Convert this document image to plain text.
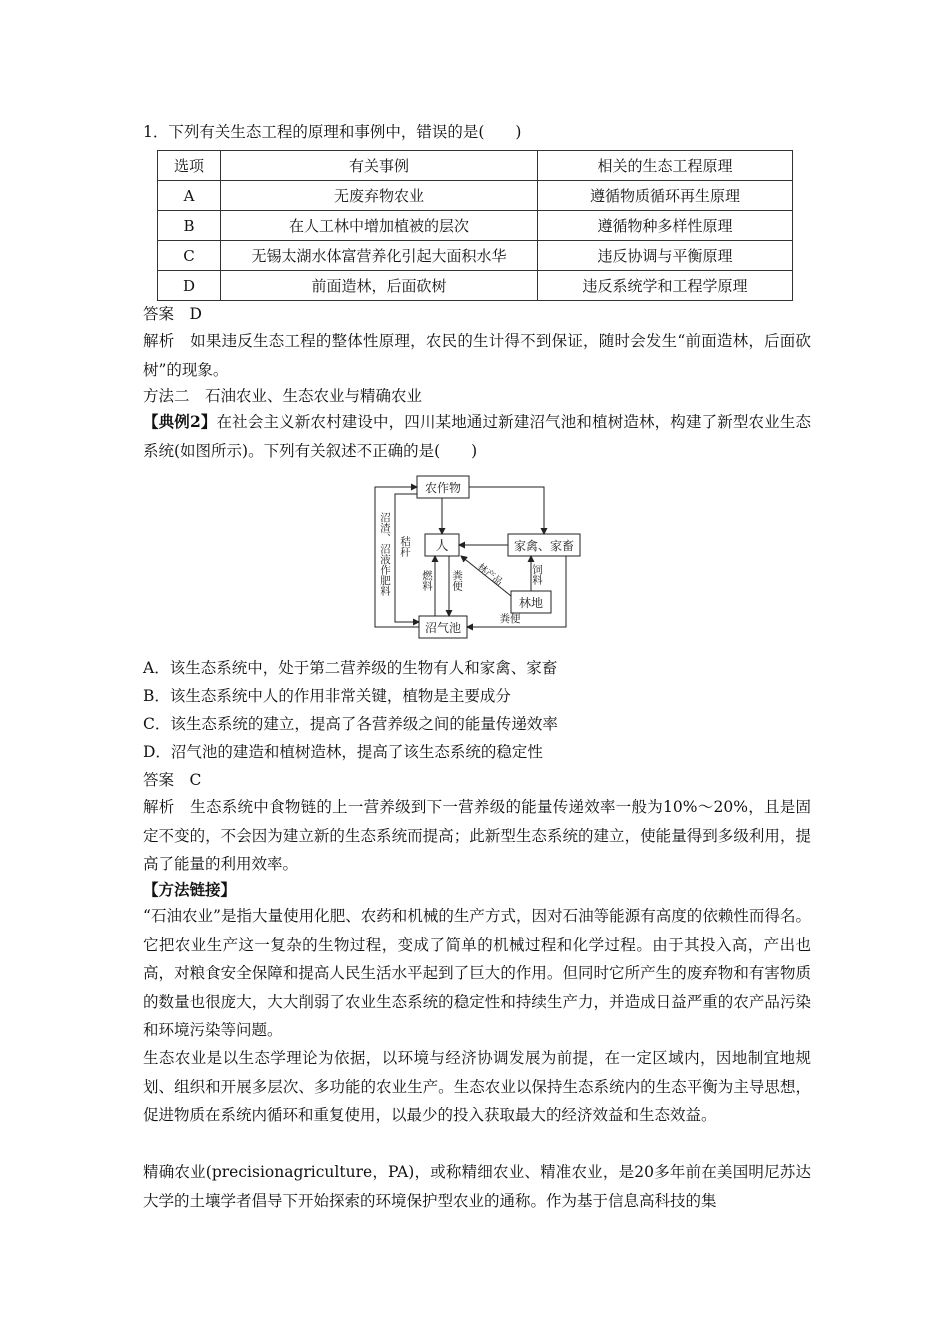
1．下列有关生态工程的原理和事例中，错误的是(　　)
选项	有关事例	相关的生态工程原理
A	无废弃物农业	遵循物质循环再生原理
B	在人工林中增加植被的层次	遵循物种多样性原理
C	无锡太湖水体富营养化引起大面积水华	违反协调与平衡原理
D	前面造林，后面砍树	违反系统学和工程学原理
答案　D
解析　如果违反生态工程的整体性原理，农民的生计得不到保证，随时会发生“前面造林，后面砍树”的现象。
方法二　石油农业、生态农业与精确农业
【典例2】在社会主义新农村建设中，四川某地通过新建沼气池和植树造林，构建了新型农业生态系统(如图所示)。下列有关叙述不正确的是(　　)
农作物
人	家禽、家畜
林地
沼气池
沼渣、沼液作肥料 秸秆
燃料 粪便 林产品	饲料
粪便
A．该生态系统中，处于第二营养级的生物有人和家禽、家畜
B．该生态系统中人的作用非常关键，植物是主要成分
C．该生态系统的建立，提高了各营养级之间的能量传递效率
D．沼气池的建造和植树造林，提高了该生态系统的稳定性
答案　C
解析　生态系统中食物链的上一营养级到下一营养级的能量传递效率一般为10%～20%，且是固定不变的，不会因为建立新的生态系统而提高；此新型生态系统的建立，使能量得到多级利用，提高了能量的利用效率。
【方法链接】
“石油农业”是指大量使用化肥、农药和机械的生产方式，因对石油等能源有高度的依赖性而得名。它把农业生产这一复杂的生物过程，变成了简单的机械过程和化学过程。由于其投入高，产出也高，对粮食安全保障和提高人民生活水平起到了巨大的作用。但同时它所产生的废弃物和有害物质的数量也很庞大，大大削弱了农业生态系统的稳定性和持续生产力，并造成日益严重的农产品污染和环境污染等问题。
生态农业是以生态学理论为依据，以环境与经济协调发展为前提，在一定区域内，因地制宜地规划、组织和开展多层次、多功能的农业生产。生态农业以保持生态系统内的生态平衡为主导思想，促进物质在系统内循环和重复使用，以最少的投入获取最大的经济效益和生态效益。
精确农业(precisionagriculture，PA)，或称精细农业、精准农业，是20多年前在美国明尼苏达大学的土壤学者倡导下开始探索的环境保护型农业的通称。作为基于信息高科技的集
